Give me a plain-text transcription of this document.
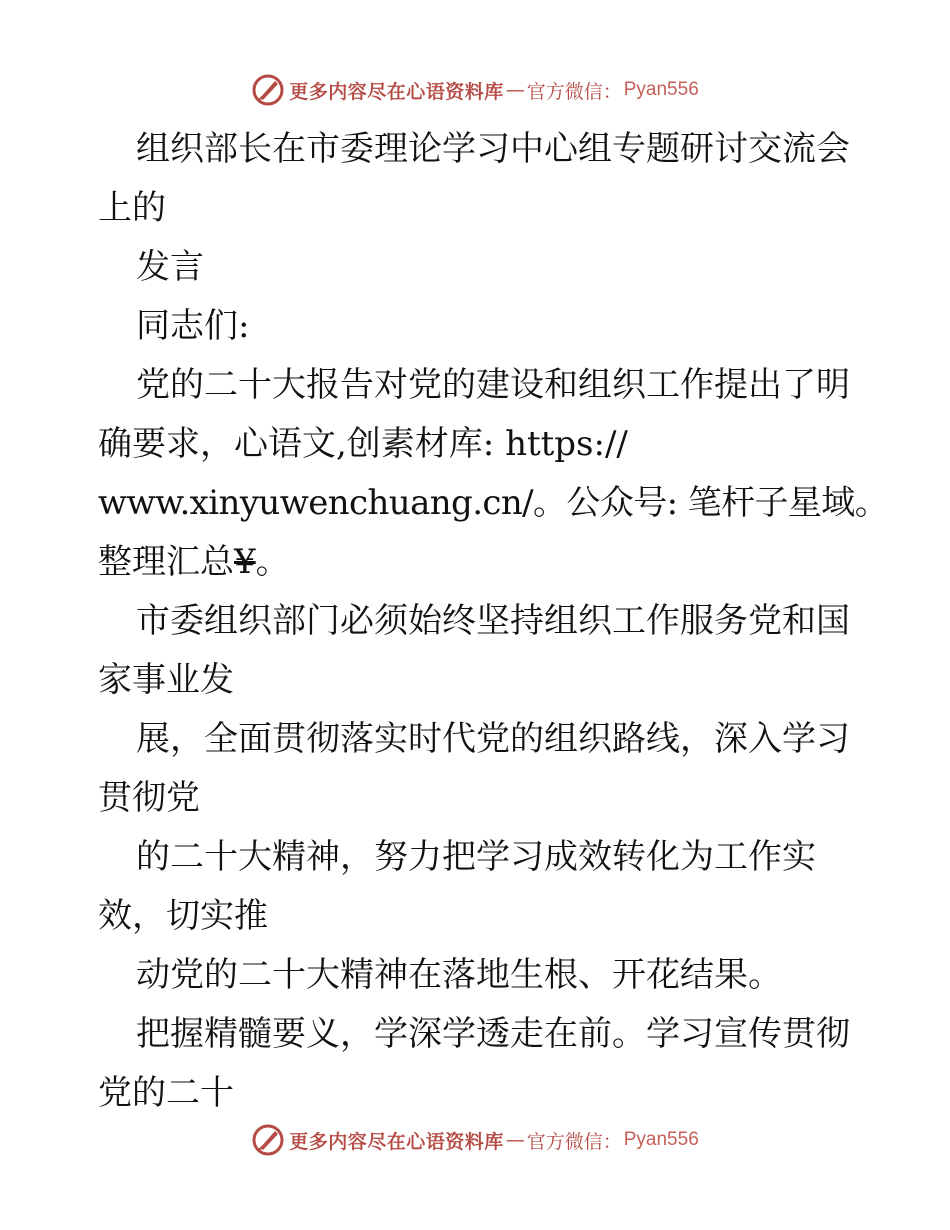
更多内容尽在心语资料库 — 官方微信： Pyan556
组织部长在市委理论学习中心组专题研讨交流会
上的
发言
同志们:
党的二十大报告对党的建设和组织工作提出了明
确要求，心语文,创素材库: https://
www.xinyuwenchuang.cn/。公众号: 笔杆子星域。
整理汇总¥。
市委组织部门必须始终坚持组织工作服务党和国
家事业发
展，全面贯彻落实时代党的组织路线，深入学习
贯彻党
的二十大精神，努力把学习成效转化为工作实
效，切实推
动党的二十大精神在落地生根、开花结果。
把握精髓要义，学深学透走在前。学习宣传贯彻
党的二十
更多内容尽在心语资料库 — 官方微信： Pyan556
